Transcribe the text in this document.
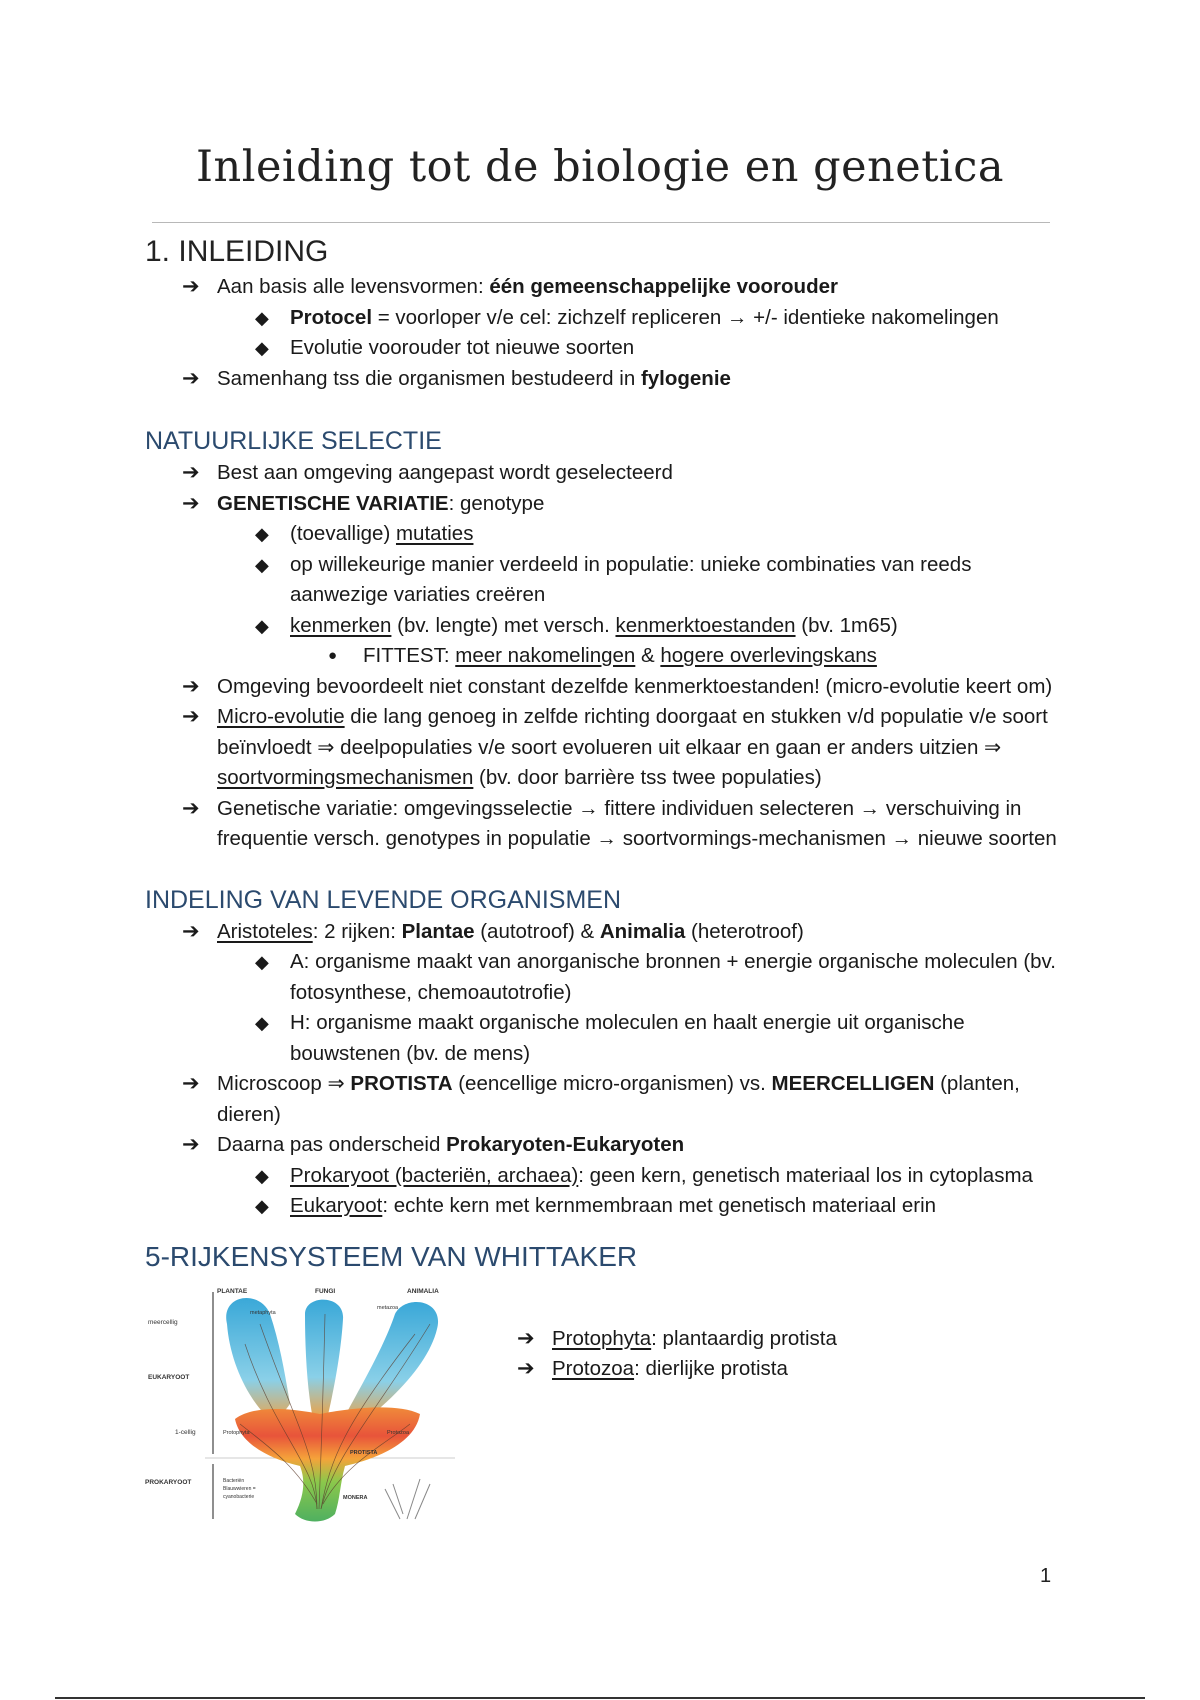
Inleiding tot de biologie en genetica
1. INLEIDING
➔ Aan basis alle levensvormen: één gemeenschappelijke voorouder
◆ Protocel = voorloper v/e cel: zichzelf repliceren → +/- identieke nakomelingen
◆ Evolutie voorouder tot nieuwe soorten
➔ Samenhang tss die organismen bestudeerd in fylogenie
NATUURLIJKE SELECTIE
➔ Best aan omgeving aangepast wordt geselecteerd
➔ GENETISCHE VARIATIE: genotype
◆ (toevallige) mutaties
◆ op willekeurige manier verdeeld in populatie: unieke combinaties van reeds aanwezige variaties creëren
◆ kenmerken (bv. lengte) met versch. kenmerktoestanden (bv. 1m65)
● FITTEST: meer nakomelingen & hogere overlevingskans
➔ Omgeving bevoordeelt niet constant dezelfde kenmerktoestanden! (micro-evolutie keert om)
➔ Micro-evolutie die lang genoeg in zelfde richting doorgaat en stukken v/d populatie v/e soort beïnvloedt ⇒ deelpopulaties v/e soort evolueren uit elkaar en gaan er anders uitzien ⇒ soortvormingsmechanismen (bv. door barrière tss twee populaties)
➔ Genetische variatie: omgevingsselectie → fittere individuen selecteren → verschuiving in frequentie versch. genotypes in populatie → soortvormings-mechanismen → nieuwe soorten
INDELING VAN LEVENDE ORGANISMEN
➔ Aristoteles: 2 rijken: Plantae (autotroof) & Animalia (heterotroof)
◆ A: organisme maakt van anorganische bronnen + energie organische moleculen (bv. fotosynthese, chemoautotrofie)
◆ H: organisme maakt organische moleculen en haalt energie uit organische bouwstenen (bv. de mens)
➔ Microscoop ⇒ PROTISTA (eencellige micro-organismen) vs. MEERCELLIGEN (planten, dieren)
➔ Daarna pas onderscheid Prokaryoten-Eukaryoten
◆ Prokaryoot (bacteriën, archaea): geen kern, genetisch materiaal los in cytoplasma
◆ Eukaryoot: echte kern met kernmembraan met genetisch materiaal erin
5-RIJKENSYSTEEM VAN WHITTAKER
PLANTAE	FUNGI	ANIMALIA
meercellig
EUKARYOOT
1-cellig
PROKARYOOT
metaphyta
metazoa
Protophyta	Protozoa
PROTISTA
MONERA
Bacteriën
Blauwwieren =
cyanobacterie
➔ Protophyta: plantaardig protista
➔ Protozoa: dierlijke protista
1
